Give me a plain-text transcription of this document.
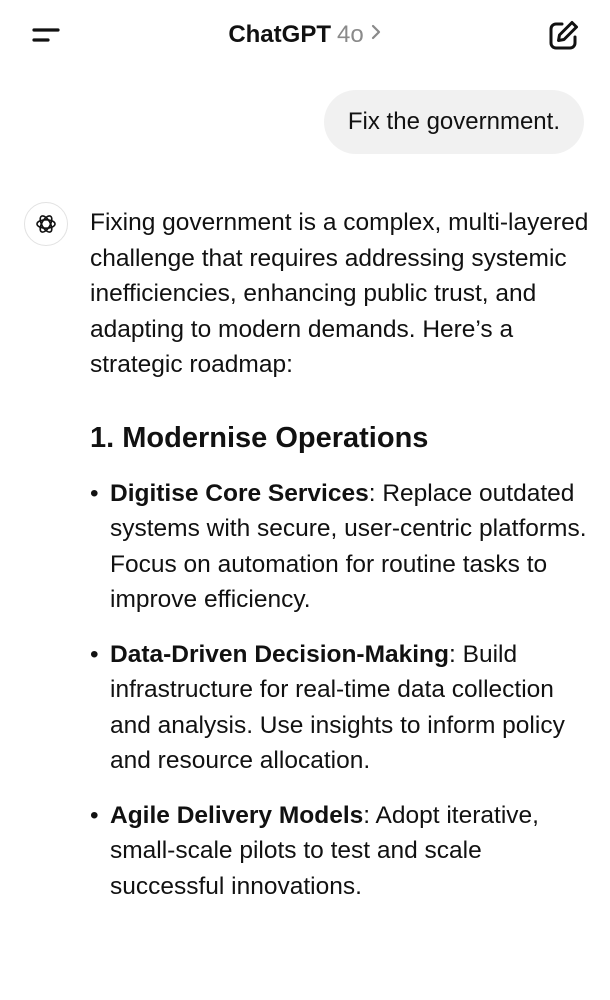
ChatGPT 4o
Fix the government.

Fixing government is a complex, multi-layered challenge that requires addressing systemic inefficiencies, enhancing public trust, and adapting to modern demands. Here’s a strategic roadmap:

1. Modernise Operations
• Digitise Core Services: Replace outdated systems with secure, user-centric platforms. Focus on automation for routine tasks to improve efficiency.
• Data-Driven Decision-Making: Build infrastructure for real-time data collection and analysis. Use insights to inform policy and resource allocation.
• Agile Delivery Models: Adopt iterative, small-scale pilots to test and scale successful innovations.
